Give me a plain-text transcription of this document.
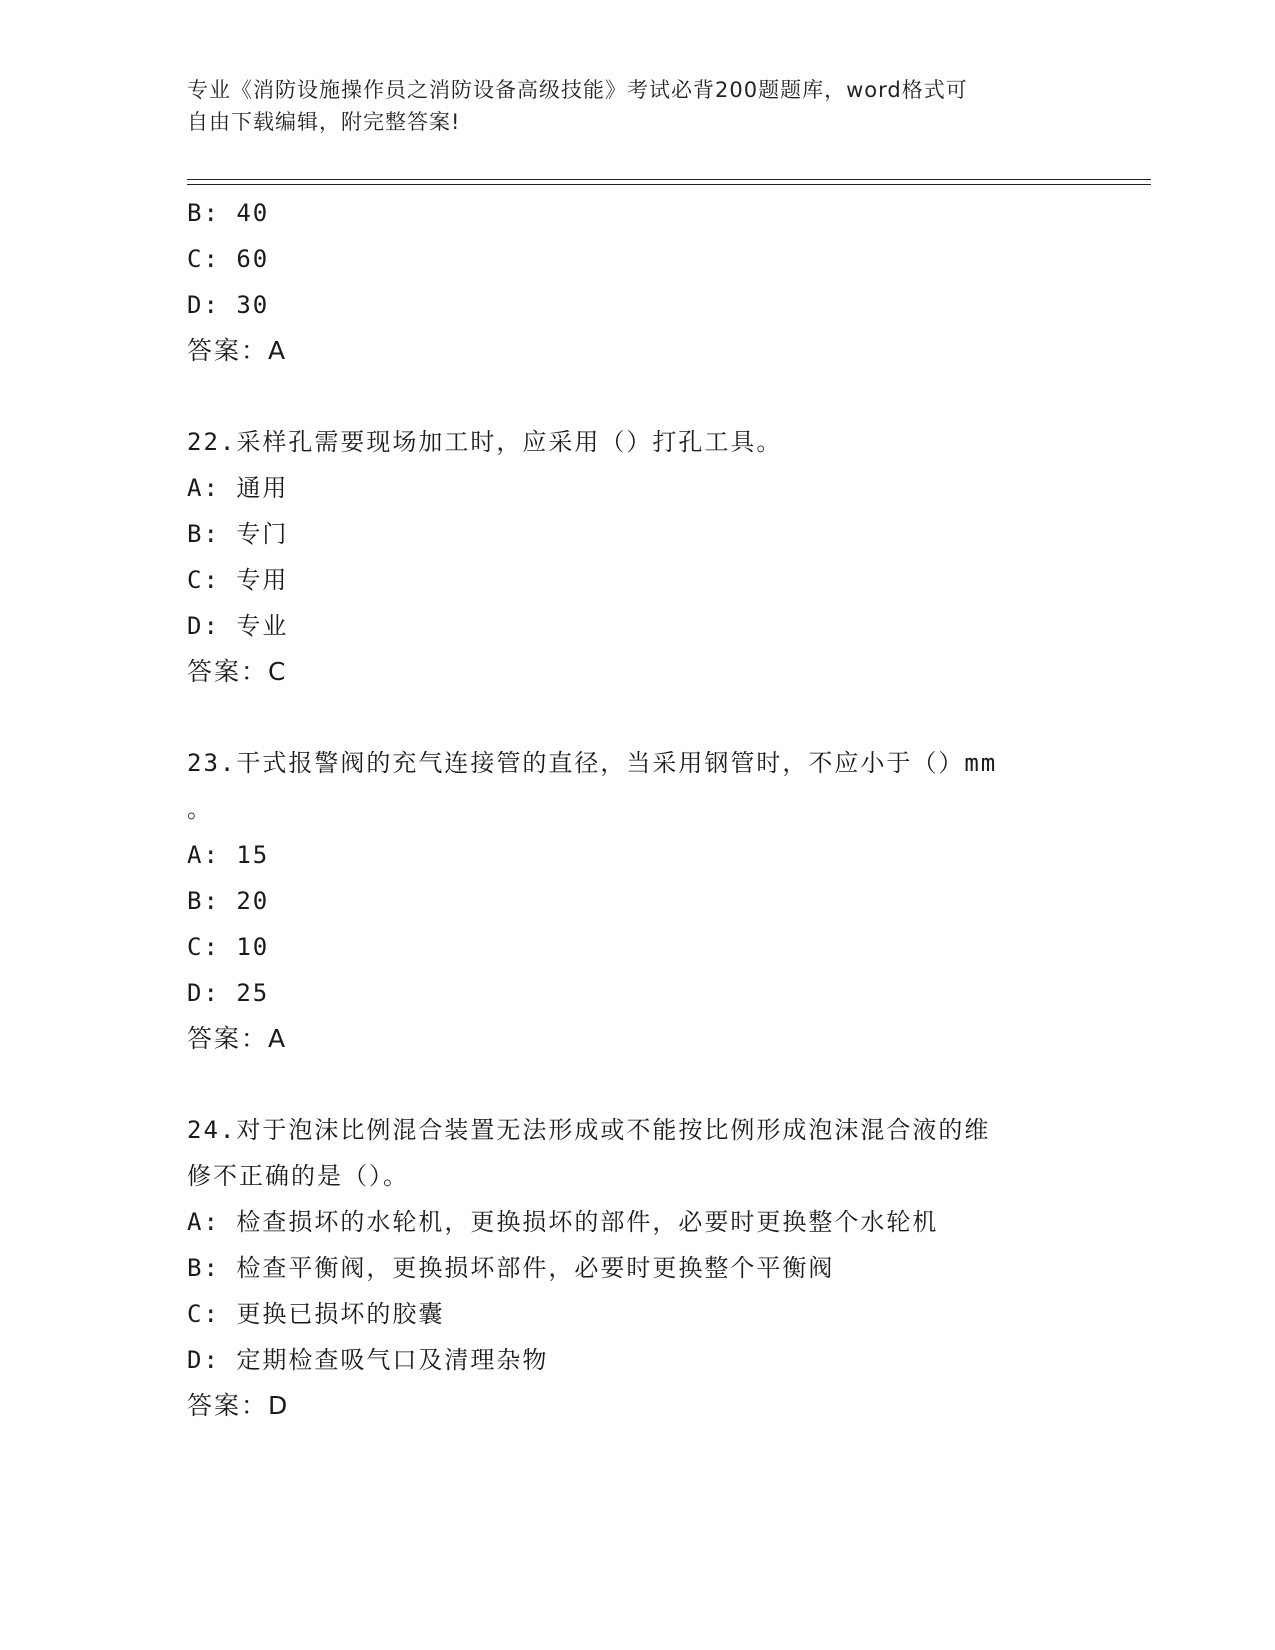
专业《消防设施操作员之消防设备高级技能》考试必背200题题库，word格式可
自由下载编辑，附完整答案!
B: 40
C: 60
D: 30
答案：A
22.采样孔需要现场加工时，应采用（）打孔工具。
A: 通用
B: 专门
C: 专用
D: 专业
答案：C
23.干式报警阀的充气连接管的直径，当采用钢管时，不应小于（）mm
。
A: 15
B: 20
C: 10
D: 25
答案：A
24.对于泡沫比例混合装置无法形成或不能按比例形成泡沫混合液的维
修不正确的是（）。
A: 检查损坏的水轮机，更换损坏的部件，必要时更换整个水轮机
B: 检查平衡阀，更换损坏部件，必要时更换整个平衡阀
C: 更换已损坏的胶囊
D: 定期检查吸气口及清理杂物
答案：D
